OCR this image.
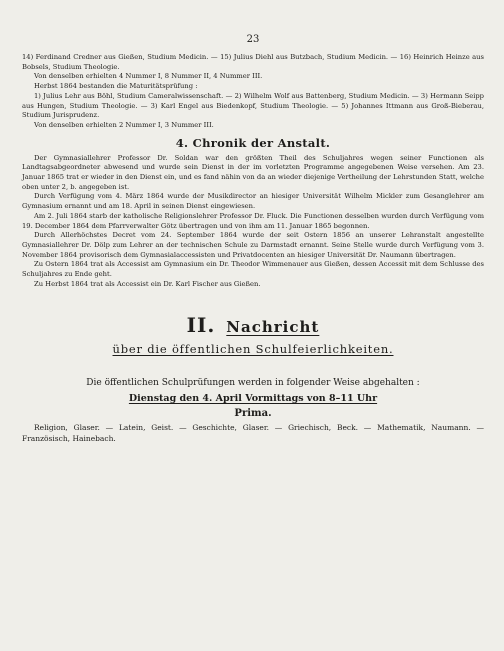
23

14) Ferdinand Credner aus Gießen, Studium Medicin. — 15) Julius Diehl aus Butzbach, Studium Medicin. — 16) Heinrich Heinze aus Bobsels, Studium Theologie.

Von denselben erhielten 4 Nummer I, 8 Nummer II, 4 Nummer III.

Herbst 1864 bestanden die Maturitätsprüfung :

1) Julius Lehr aus Böhl, Studium Cameralwissenschaft. — 2) Wilhelm Wolf aus Battenberg, Studium Medicin. — 3) Hermann Seipp aus Hungen, Studium Theologie. — 3) Karl Engel aus Biedenkopf, Studium Theologie. — 5) Johannes Ittmann aus Groß-Bieberau, Studium Jurisprudenz.

Von denselben erhielten 2 Nummer I, 3 Nummer III.

4. Chronik der Anstalt.

Der Gymnasiallehrer Professor Dr. Soldan war den größten Theil des Schuljahres wegen seiner Functionen als Landtagsabgeordneter abwesend und wurde sein Dienst in der im vorletzten Programme angegebenen Weise versehen. Am 23. Januar 1865 trat er wieder in den Dienst ein, und es fand nähin von da an wieder diejenige Vertheilung der Lehrstunden Statt, welche oben unter 2, b. angegeben ist.

Durch Verfügung vom 4. März 1864 wurde der Musikdirector an hiesiger Universität Wilhelm Mickler zum Gesanglehrer am Gymnasium ernannt und am 18. April in seinen Dienst eingewiesen.

Am 2. Juli 1864 starb der katholische Religionslehrer Professor Dr. Fluck. Die Functionen desselben wurden durch Verfügung vom 19. December 1864 dem Pfarrverwalter Götz übertragen und von ihm am 11. Januar 1865 begonnen.

Durch Allerhöchstes Decret vom 24. September 1864 wurde der seit Ostern 1856 an unserer Lehranstalt angestellte Gymnasiallehrer Dr. Dölp zum Lehrer an der technischen Schule zu Darmstadt ernannt. Seine Stelle wurde durch Verfügung vom 3. November 1864 provisorisch dem Gymnasialaccessisten und Privatdocenten an hiesiger Universität Dr. Naumann übertragen.

Zu Ostern 1864 trat als Accessist am Gymnasium ein Dr. Theodor Wimmenauer aus Gießen, dessen Accessit mit dem Schlusse des Schuljahres zu Ende geht.

Zu Herbst 1864 trat als Accessist ein Dr. Karl Fischer aus Gießen.

II. Nachricht
über die öffentlichen Schulfeierlichkeiten.
Die öffentlichen Schulprüfungen werden in folgender Weise abgehalten :
Dienstag den 4. April Vormittags von 8–11 Uhr
Prima.

Religion, Glaser. — Latein, Geist. — Geschichte, Glaser. — Griechisch, Beck. — Mathematik, Naumann. — Französisch, Hainebach.
